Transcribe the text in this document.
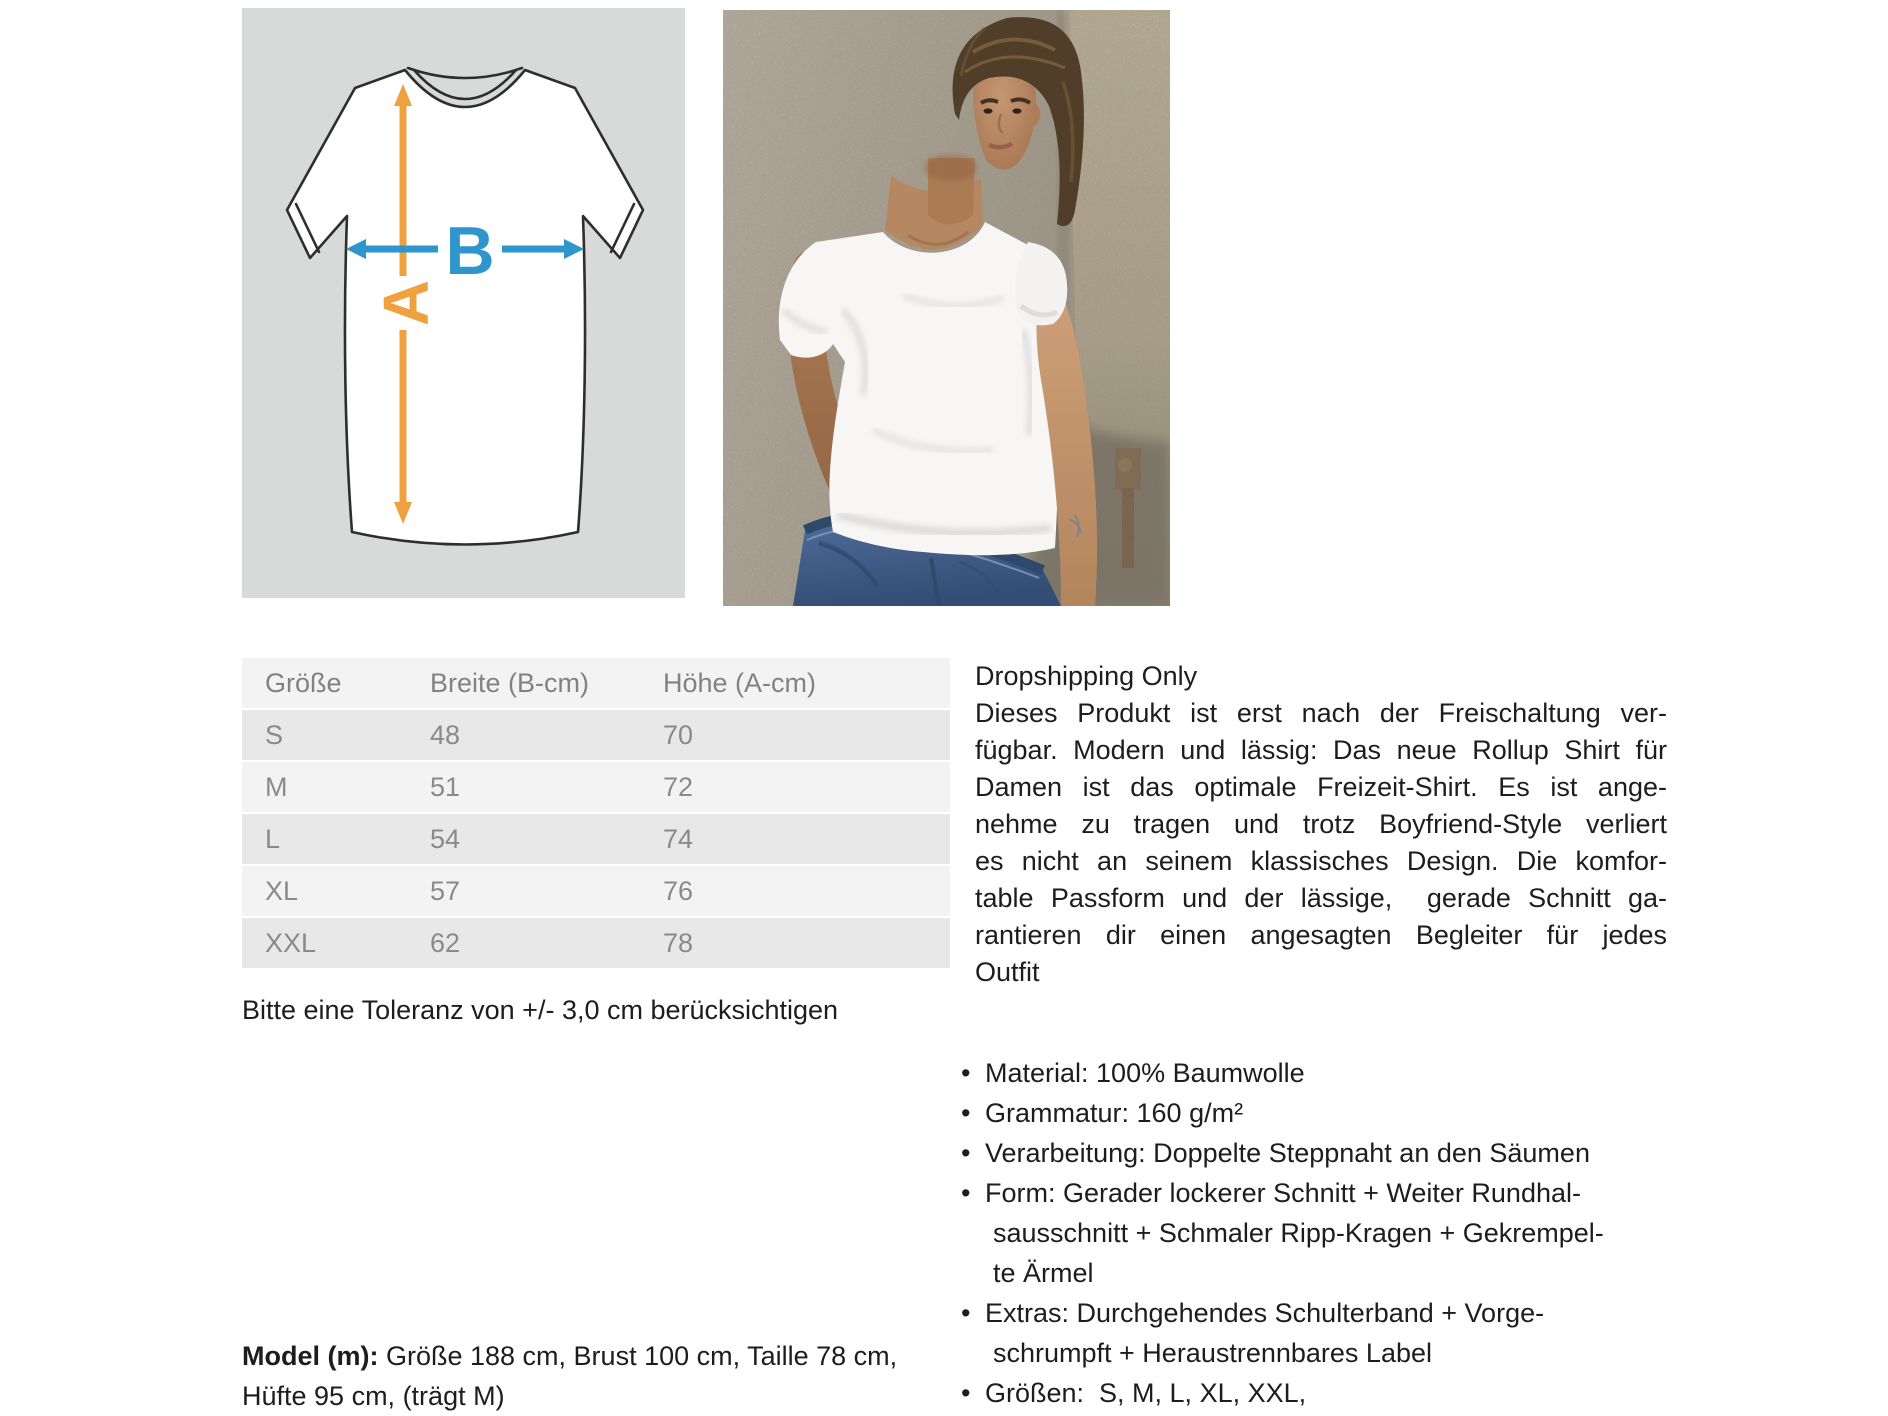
A
B
Größe	Breite (B-cm)	Höhe (A-cm)
S	48	70
M	51	72
L	54	74
XL	57	76
XXL	62	78
Bitte eine Toleranz von +/- 3,0 cm berücksichtigen
Model (m): Größe 188 cm, Brust 100 cm, Taille 78 cm,
Hüfte 95 cm, (trägt M)
Dropshipping Only
Dieses Produkt ist erst nach der Freischaltung ver-
fügbar. Modern und lässig: Das neue Rollup Shirt für
Damen ist das optimale Freizeit-Shirt. Es ist ange-
nehme zu tragen und trotz Boyfriend-Style verliert
es nicht an seinem klassisches Design. Die komfor-
table Passform und der lässige,  gerade Schnitt ga-
rantieren dir einen angesagten Begleiter für jedes
Outfit
• Material: 100% Baumwolle
• Grammatur: 160 g/m²
• Verarbeitung: Doppelte Steppnaht an den Säumen
• Form: Gerader lockerer Schnitt + Weiter Rundhal-
sausschnitt + Schmaler Ripp-Kragen + Gekrempel-
te Ärmel
• Extras: Durchgehendes Schulterband + Vorge-
schrumpft + Heraustrennbares Label
• Größen:  S, M, L, XL, XXL,
